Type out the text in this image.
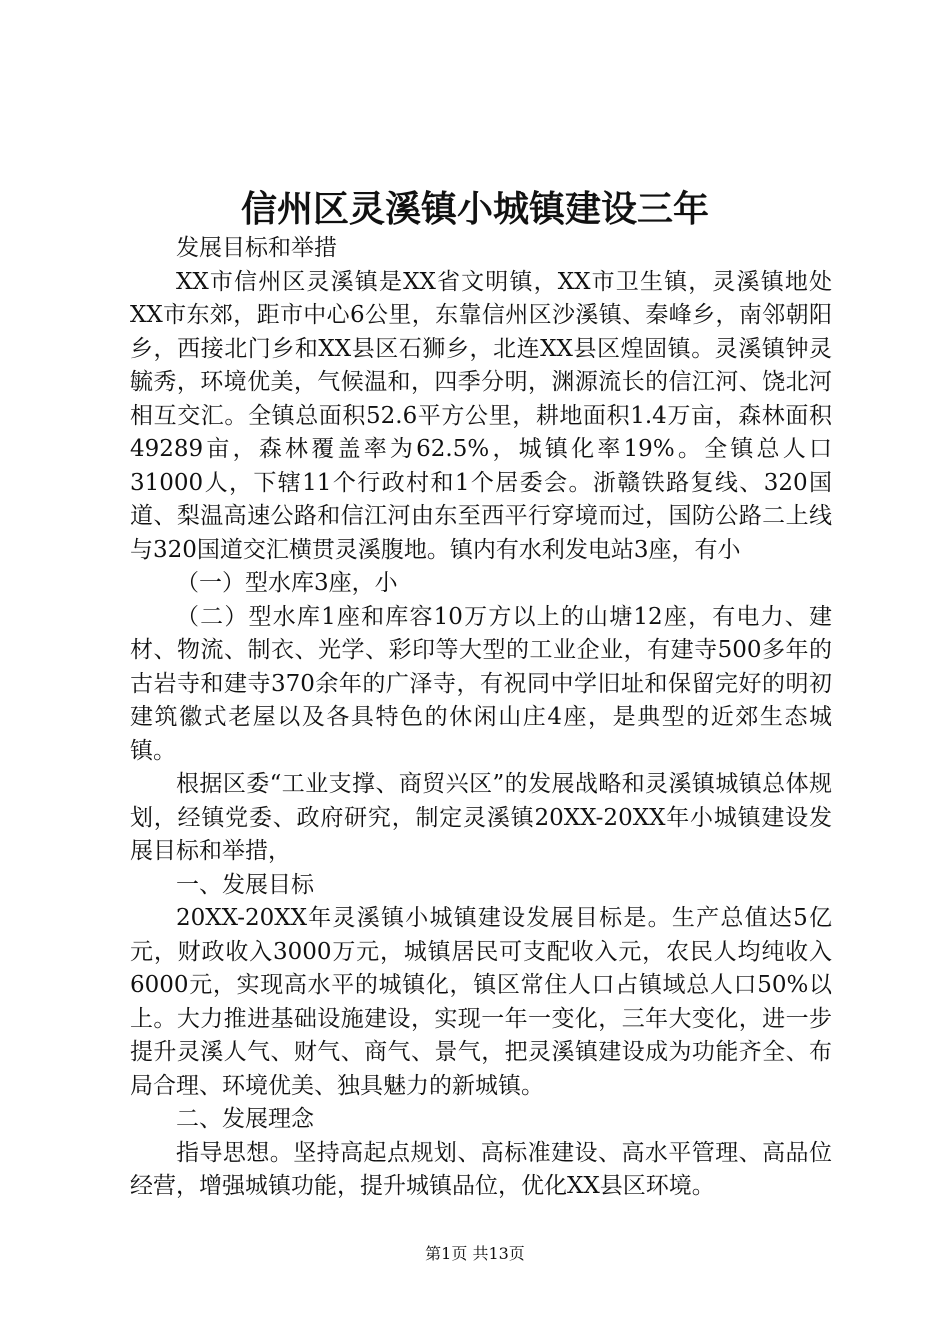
信州区灵溪镇小城镇建设三年

发展目标和举措

XX市信州区灵溪镇是XX省文明镇，XX市卫生镇，灵溪镇地处XX市东郊，距市中心6公里，东靠信州区沙溪镇、秦峰乡，南邻朝阳乡，西接北门乡和XX县区石狮乡，北连XX县区煌固镇。灵溪镇钟灵毓秀，环境优美，气候温和，四季分明，渊源流长的信江河、饶北河相互交汇。全镇总面积52.6平方公里，耕地面积1.4万亩，森林面积49289亩，森林覆盖率为62.5%，城镇化率19%。全镇总人口31000人，下辖11个行政村和1个居委会。浙赣铁路复线、320国道、梨温高速公路和信江河由东至西平行穿境而过，国防公路二上线与320国道交汇横贯灵溪腹地。镇内有水利发电站3座，有小

（一）型水库3座，小

（二）型水库1座和库容10万方以上的山塘12座，有电力、建材、物流、制衣、光学、彩印等大型的工业企业，有建寺500多年的古岩寺和建寺370余年的广泽寺，有祝同中学旧址和保留完好的明初建筑徽式老屋以及各具特色的休闲山庄4座，是典型的近郊生态城镇。

根据区委“工业支撑、商贸兴区”的发展战略和灵溪镇城镇总体规划，经镇党委、政府研究，制定灵溪镇20XX-20XX年小城镇建设发展目标和举措，

一、发展目标

20XX-20XX年灵溪镇小城镇建设发展目标是。生产总值达5亿元，财政收入3000万元，城镇居民可支配收入元，农民人均纯收入6000元，实现高水平的城镇化，镇区常住人口占镇域总人口50%以上。大力推进基础设施建设，实现一年一变化，三年大变化，进一步提升灵溪人气、财气、商气、景气，把灵溪镇建设成为功能齐全、布局合理、环境优美、独具魅力的新城镇。

二、发展理念

指导思想。坚持高起点规划、高标准建设、高水平管理、高品位经营，增强城镇功能，提升城镇品位，优化XX县区环境。

第1页 共13页
